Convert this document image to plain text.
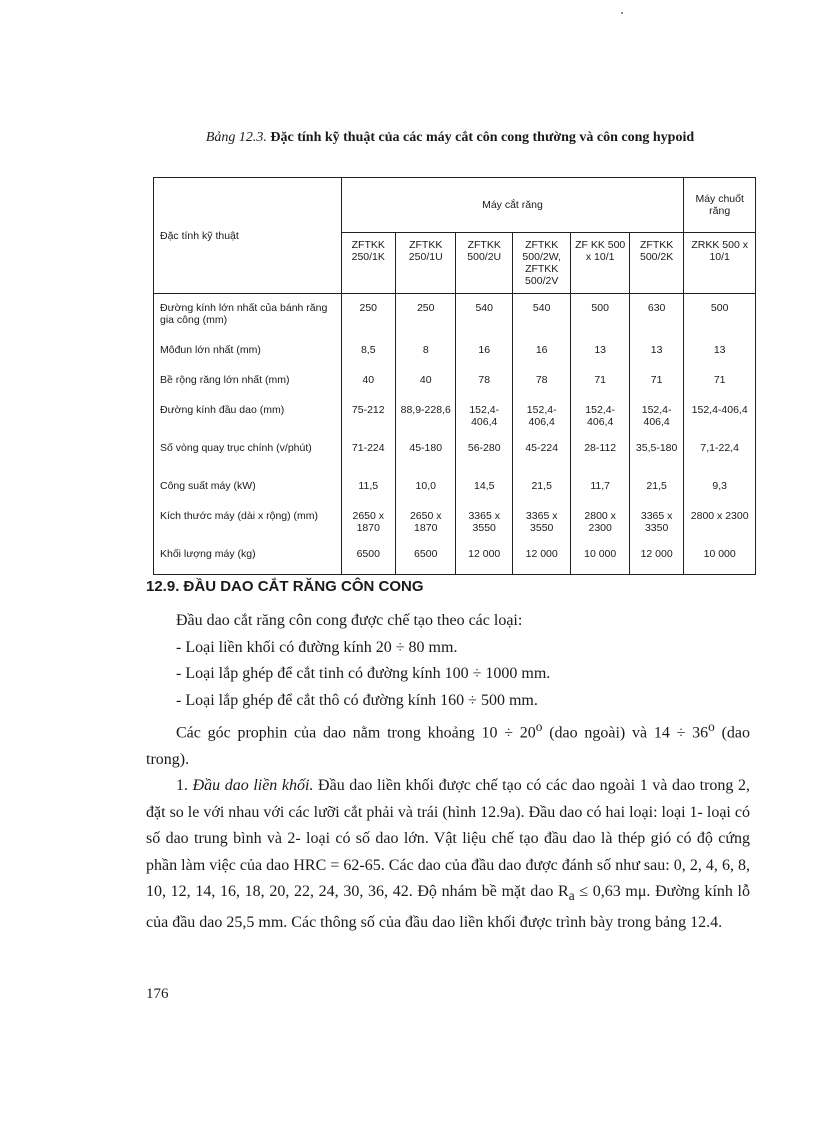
Bảng 12.3. Đặc tính kỹ thuật của các máy cắt côn cong thường và côn cong hypoid
Đặc tính kỹ thuật	Máy cắt răng						Máy chuốt răng
	ZFTKK 250/1K	ZFTKK 250/1U	ZFTKK 500/2U	ZFTKK 500/2W, ZFTKK 500/2V	ZF KK 500 x 10/1	ZFTKK 500/2K	ZRKK 500 x 10/1
Đường kính lớn nhất của bánh răng gia công (mm)	250	250	540	540	500	630	500
Môđun lớn nhất (mm)	8,5	8	16	16	13	13	13
Bề rộng răng lớn nhất (mm)	40	40	78	78	71	71	71
Đường kính đầu dao (mm)	75-212	88,9-228,6	152,4-406,4	152,4-406,4	152,4-406,4	152,4-406,4	152,4-406,4
Số vòng quay trục chính (v/phút)	71-224	45-180	56-280	45-224	28-112	35,5-180	7,1-22,4
Công suất máy (kW)	11,5	10,0	14,5	21,5	11,7	21,5	9,3
Kích thước máy (dài x rộng) (mm)	2650 x 1870	2650 x 1870	3365 x 3550	3365 x 3550	2800 x 2300	3365 x 3350	2800 x 2300
Khối lượng máy (kg)	6500	6500	12 000	12 000	10 000	12 000	10 000
12.9. ĐẦU DAO CẮT RĂNG CÔN CONG

Đầu dao cắt răng côn cong được chế tạo theo các loại:

- Loại liền khối có đường kính 20 ÷ 80 mm.

- Loại lắp ghép để cắt tinh có đường kính 100 ÷ 1000 mm.

- Loại lắp ghép để cắt thô có đường kính 160 ÷ 500 mm.

Các góc prophin của dao nằm trong khoảng $10 \div 20^o$ (dao ngoài) và $14 \div 36^o$ (dao trong).

1. Đầu dao liền khối. Đầu dao liền khối được chế tạo có các dao ngoài 1 và dao trong 2, đặt so le với nhau với các lưỡi cắt phải và trái (hình 12.9a). Đầu dao có hai loại: loại 1- loại có số dao trung bình và 2- loại có số dao lớn. Vật liệu chế tạo đầu dao là thép gió có độ cứng phần làm việc của dao HRC = 62-65. Các dao của đầu dao được đánh số như sau: 0, 2, 4, 6, 8, 10, 12, 14, 16, 18, 20, 22, 24, 30, 36, 42. Độ nhám bề mặt dao $R_a \le 0,63$ mμ. Đường kính lỗ của đầu dao 25,5 mm. Các thông số của đầu dao liền khối được trình bày trong bảng 12.4.

176
